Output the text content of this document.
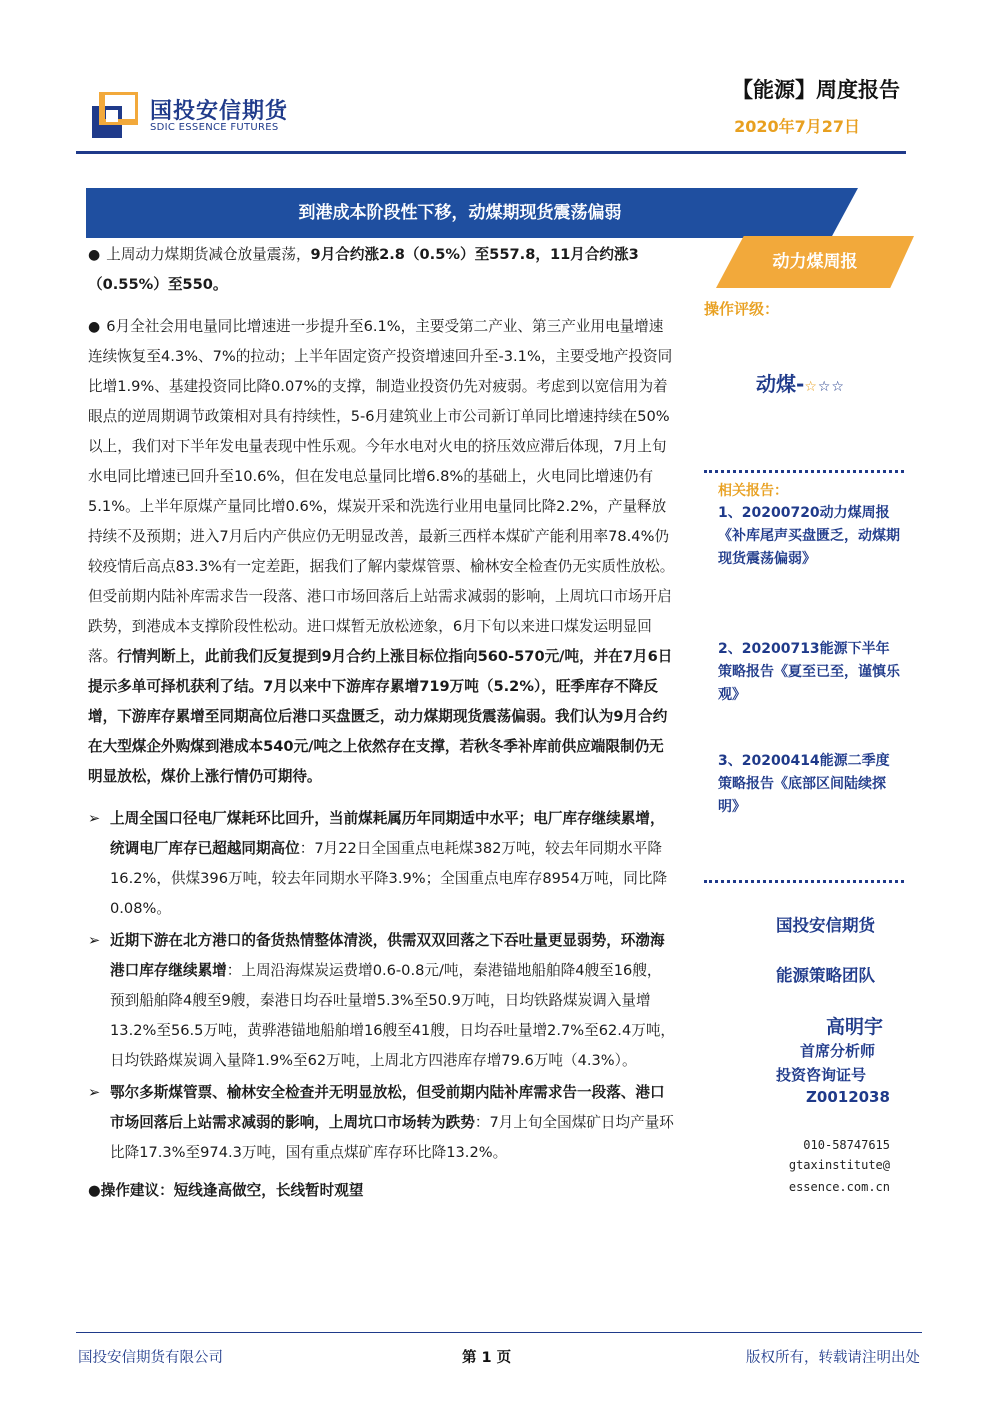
国投安信期货
SDIC ESSENCE FUTURES
【能源】周度报告
2020年7月27日
到港成本阶段性下移，动煤期现货震荡偏弱

● 上周动力煤期货减仓放量震荡，9月合约涨2.8（0.5%）至557.8，11月合约涨3（0.55%）至550。

● 6月全社会用电量同比增速进一步提升至6.1%，主要受第二产业、第三产业用电量增速连续恢复至4.3%、7%的拉动；上半年固定资产投资增速回升至-3.1%，主要受地产投资同比增1.9%、基建投资同比降0.07%的支撑，制造业投资仍先对疲弱。考虑到以宽信用为着眼点的逆周期调节政策相对具有持续性，5-6月建筑业上市公司新订单同比增速持续在50%以上，我们对下半年发电量表现中性乐观。今年水电对火电的挤压效应滞后体现，7月上旬水电同比增速已回升至10.6%，但在发电总量同比增6.8%的基础上，火电同比增速仍有5.1%。上半年原煤产量同比增0.6%，煤炭开采和洗选行业用电量同比降2.2%，产量释放持续不及预期；进入7月后内产供应仍无明显改善，最新三西样本煤矿产能利用率78.4%仍较疫情后高点83.3%有一定差距，据我们了解内蒙煤管票、榆林安全检查仍无实质性放松。但受前期内陆补库需求告一段落、港口市场回落后上站需求减弱的影响，上周坑口市场开启跌势，到港成本支撑阶段性松动。进口煤暂无放松迹象，6月下旬以来进口煤发运明显回落。行情判断上，此前我们反复提到9月合约上涨目标位指向560-570元/吨，并在7月6日提示多单可择机获利了结。7月以来中下游库存累增719万吨（5.2%），旺季库存不降反增，下游库存累增至同期高位后港口买盘匮乏，动力煤期现货震荡偏弱。我们认为9月合约在大型煤企外购煤到港成本540元/吨之上依然存在支撑，若秋冬季补库前供应端限制仍无明显放松，煤价上涨行情仍可期待。

➢ 上周全国口径电厂煤耗环比回升，当前煤耗属历年同期适中水平；电厂库存继续累增，统调电厂库存已超越同期高位：7月22日全国重点电耗煤382万吨，较去年同期水平降16.2%，供煤396万吨，较去年同期水平降3.9%；全国重点电库存8954万吨，同比降0.08%。

➢ 近期下游在北方港口的备货热情整体清淡，供需双双回落之下吞吐量更显弱势，环渤海港口库存继续累增：上周沿海煤炭运费增0.6-0.8元/吨，秦港锚地船舶降4艘至16艘，预到船舶降4艘至9艘，秦港日均吞吐量增5.3%至50.9万吨，日均铁路煤炭调入量增13.2%至56.5万吨，黄骅港锚地船舶增16艘至41艘，日均吞吐量增2.7%至62.4万吨，日均铁路煤炭调入量降1.9%至62万吨，上周北方四港库存增79.6万吨（4.3%）。

➢ 鄂尔多斯煤管票、榆林安全检查并无明显放松，但受前期内陆补库需求告一段落、港口市场回落后上站需求减弱的影响，上周坑口市场转为跌势：7月上旬全国煤矿日均产量环比降17.3%至974.3万吨，国有重点煤矿库存环比降13.2%。

●操作建议：短线逢高做空，长线暂时观望

动力煤周报
操作评级：
动煤-☆☆☆
相关报告：
1、20200720动力煤周报《补库尾声买盘匮乏，动煤期现货震荡偏弱》
2、20200713能源下半年策略报告《夏至已至，谨慎乐观》
3、20200414能源二季度策略报告《底部区间陆续探明》
国投安信期货
能源策略团队
高明宇
首席分析师
投资咨询证号
Z0012038
010-58747615
gtaxinstitute@
essence.com.cn
国投安信期货有限公司	第 1 页	版权所有，转载请注明出处
